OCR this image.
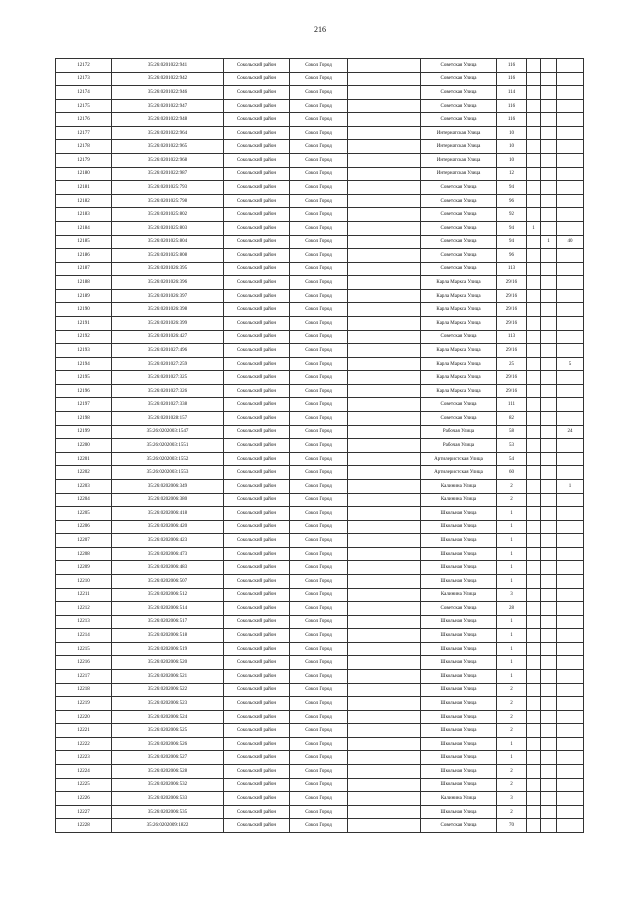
216
12172	35:26:0201022:941	Сокольский район	Сокол Город		Советская Улица	116			
12173	35:26:0201022:942	Сокольский район	Сокол Город		Советская Улица	116			
12174	35:26:0201022:946	Сокольский район	Сокол Город		Советская Улица	114			
12175	35:26:0201022:947	Сокольский район	Сокол Город		Советская Улица	116			
12176	35:26:0201022:948	Сокольский район	Сокол Город		Советская Улица	116			
12177	35:26:0201022:964	Сокольский район	Сокол Город		Интернатская Улица	10			
12178	35:26:0201022:965	Сокольский район	Сокол Город		Интернатская Улица	10			
12179	35:26:0201022:968	Сокольский район	Сокол Город		Интернатская Улица	10			
12180	35:26:0201022:987	Сокольский район	Сокол Город		Интернатская Улица	12			
12181	35:26:0201025:793	Сокольский район	Сокол Город		Советская Улица	94			
12182	35:26:0201025:798	Сокольский район	Сокол Город		Советская Улица	96			
12183	35:26:0201025:802	Сокольский район	Сокол Город		Советская Улица	92			
12184	35:26:0201025:803	Сокольский район	Сокол Город		Советская Улица	94	1		
12185	35:26:0201025:804	Сокольский район	Сокол Город		Советская Улица	94		1	40
12186	35:26:0201025:808	Сокольский район	Сокол Город		Советская Улица	96			
12187	35:26:0201026:395	Сокольский район	Сокол Город		Советская Улица	113			
12188	35:26:0201026:396	Сокольский район	Сокол Город		Карла Маркса Улица	29/16			
12189	35:26:0201026:397	Сокольский район	Сокол Город		Карла Маркса Улица	29/16			
12190	35:26:0201026:398	Сокольский район	Сокол Город		Карла Маркса Улица	29/16			
12191	35:26:0201026:399	Сокольский район	Сокол Город		Карла Маркса Улица	29/16			
12192	35:26:0201026:427	Сокольский район	Сокол Город		Советская Улица	113			
12193	35:26:0201027:496	Сокольский район	Сокол Город		Карла Маркса Улица	29/16			
12194	35:26:0201027:259	Сокольский район	Сокол Город		Карла Маркса Улица	25			5
12195	35:26:0201027:325	Сокольский район	Сокол Город		Карла Маркса Улица	29/16			
12196	35:26:0201027:326	Сокольский район	Сокол Город		Карла Маркса Улица	29/16			
12197	35:26:0201027:338	Сокольский район	Сокол Город		Советская Улица	111			
12198	35:26:0201028:157	Сокольский район	Сокол Город		Советская Улица	82			
12199	35:26:0202003:1547	Сокольский район	Сокол Город		Рабочая Улица	58			24
12200	35:26:0202003:1551	Сокольский район	Сокол Город		Рабочая Улица	53			
12201	35:26:0202003:1552	Сокольский район	Сокол Город		Артилеристская Улица	54			
12202	35:26:0202003:1553	Сокольский район	Сокол Город		Артилеристская Улица	60			
12203	35:26:0202006:349	Сокольский район	Сокол Город		Калинина Улица	2			1
12204	35:26:0202006:380	Сокольский район	Сокол Город		Калинина Улица	2			
12205	35:26:0202006:418	Сокольский район	Сокол Город		Школьная Улица	1			
12206	35:26:0202006:420	Сокольский район	Сокол Город		Школьная Улица	1			
12207	35:26:0202006:423	Сокольский район	Сокол Город		Школьная Улица	1			
12208	35:26:0202006:473	Сокольский район	Сокол Город		Школьная Улица	1			
12209	35:26:0202006:483	Сокольский район	Сокол Город		Школьная Улица	1			
12210	35:26:0202006:507	Сокольский район	Сокол Город		Школьная Улица	1			
12211	35:26:0202006:512	Сокольский район	Сокол Город		Калинина Улица	3			
12212	35:26:0202006:514	Сокольский район	Сокол Город		Советская Улица	28			
12213	35:26:0202006:517	Сокольский район	Сокол Город		Школьная Улица	1			
12214	35:26:0202006:518	Сокольский район	Сокол Город		Школьная Улица	1			
12215	35:26:0202006:519	Сокольский район	Сокол Город		Школьная Улица	1			
12216	35:26:0202006:520	Сокольский район	Сокол Город		Школьная Улица	1			
12217	35:26:0202006:521	Сокольский район	Сокол Город		Школьная Улица	1			
12218	35:26:0202006:522	Сокольский район	Сокол Город		Школьная Улица	2			
12219	35:26:0202006:523	Сокольский район	Сокол Город		Школьная Улица	2			
12220	35:26:0202006:524	Сокольский район	Сокол Город		Школьная Улица	2			
12221	35:26:0202006:525	Сокольский район	Сокол Город		Школьная Улица	2			
12222	35:26:0202006:526	Сокольский район	Сокол Город		Школьная Улица	1			
12223	35:26:0202006:527	Сокольский район	Сокол Город		Школьная Улица	1			
12224	35:26:0202006:528	Сокольский район	Сокол Город		Школьная Улица	2			
12225	35:26:0202006:532	Сокольский район	Сокол Город		Школьная Улица	2			
12226	35:26:0202006:533	Сокольский район	Сокол Город		Калинина Улица	3			
12227	35:26:0202006:535	Сокольский район	Сокол Город		Школьная Улица	2			
12228	35:26:0202009:1822	Сокольский район	Сокол Город		Советская Улица	70			
